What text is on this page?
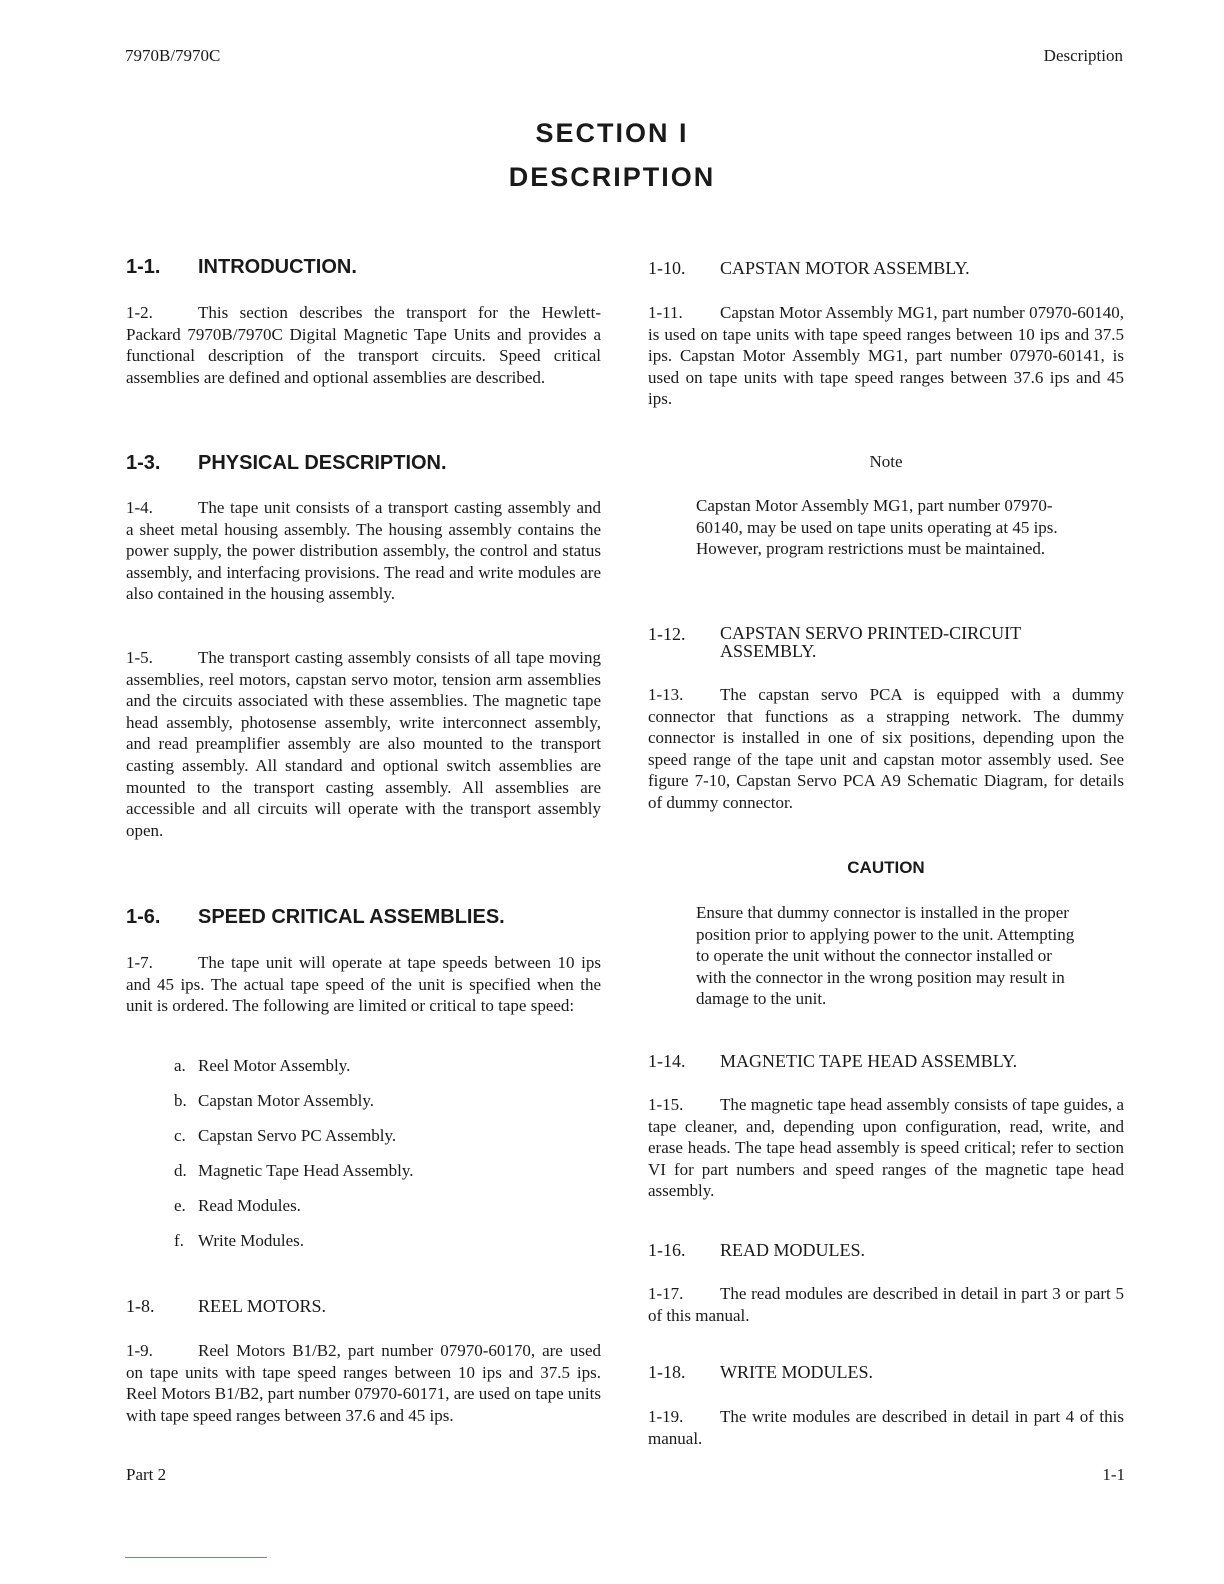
7970B/7970C	Description
SECTION I
DESCRIPTION
1-1. INTRODUCTION.
1-2.	This section describes the transport for the Hewlett-Packard 7970B/7970C Digital Magnetic Tape Units and provides a functional description of the transport circuits. Speed critical assemblies are defined and optional assemblies are described.
1-3. PHYSICAL DESCRIPTION.
1-4.	The tape unit consists of a transport casting assembly and a sheet metal housing assembly. The housing assembly contains the power supply, the power distribution assembly, the control and status assembly, and interfacing provisions. The read and write modules are also contained in the housing assembly.
1-5.	The transport casting assembly consists of all tape moving assemblies, reel motors, capstan servo motor, tension arm assemblies and the circuits associated with these assemblies. The magnetic tape head assembly, photosense assembly, write interconnect assembly, and read preamplifier assembly are also mounted to the transport casting assembly. All standard and optional switch assemblies are mounted to the transport casting assembly. All assemblies are accessible and all circuits will operate with the transport assembly open.
1-6. SPEED CRITICAL ASSEMBLIES.
1-7.	The tape unit will operate at tape speeds between 10 ips and 45 ips. The actual tape speed of the unit is specified when the unit is ordered. The following are limited or critical to tape speed:
a. Reel Motor Assembly.
b. Capstan Motor Assembly.
c. Capstan Servo PC Assembly.
d. Magnetic Tape Head Assembly.
e. Read Modules.
f. Write Modules.
1-8. REEL MOTORS.
1-9.	Reel Motors B1/B2, part number 07970-60170, are used on tape units with tape speed ranges between 10 ips and 37.5 ips. Reel Motors B1/B2, part number 07970-60171, are used on tape units with tape speed ranges between 37.6 and 45 ips.
1-10. CAPSTAN MOTOR ASSEMBLY.
1-11. Capstan Motor Assembly MG1, part number 07970-60140, is used on tape units with tape speed ranges between 10 ips and 37.5 ips. Capstan Motor Assembly MG1, part number 07970-60141, is used on tape units with tape speed ranges between 37.6 ips and 45 ips.
Note
Capstan Motor Assembly MG1, part number 07970-60140, may be used on tape units operating at 45 ips. However, program restrictions must be maintained.
1-12.	CAPSTAN SERVO PRINTED-CIRCUIT
ASSEMBLY.
1-13. The capstan servo PCA is equipped with a dummy connector that functions as a strapping network. The dummy connector is installed in one of six positions, depending upon the speed range of the tape unit and capstan motor assembly used. See figure 7-10, Capstan Servo PCA A9 Schematic Diagram, for details of dummy connector.
CAUTION
Ensure that dummy connector is installed in the proper position prior to applying power to the unit. Attempting to operate the unit without the connector installed or with the connector in the wrong position may result in damage to the unit.
1-14. MAGNETIC TAPE HEAD ASSEMBLY.
1-15. The magnetic tape head assembly consists of tape guides, a tape cleaner, and, depending upon configuration, read, write, and erase heads. The tape head assembly is speed critical; refer to section VI for part numbers and speed ranges of the magnetic tape head assembly.
1-16. READ MODULES.
1-17. The read modules are described in detail in part 3 or part 5 of this manual.
1-18. WRITE MODULES.
1-19. The write modules are described in detail in part 4 of this manual.
Part 2	1-1
